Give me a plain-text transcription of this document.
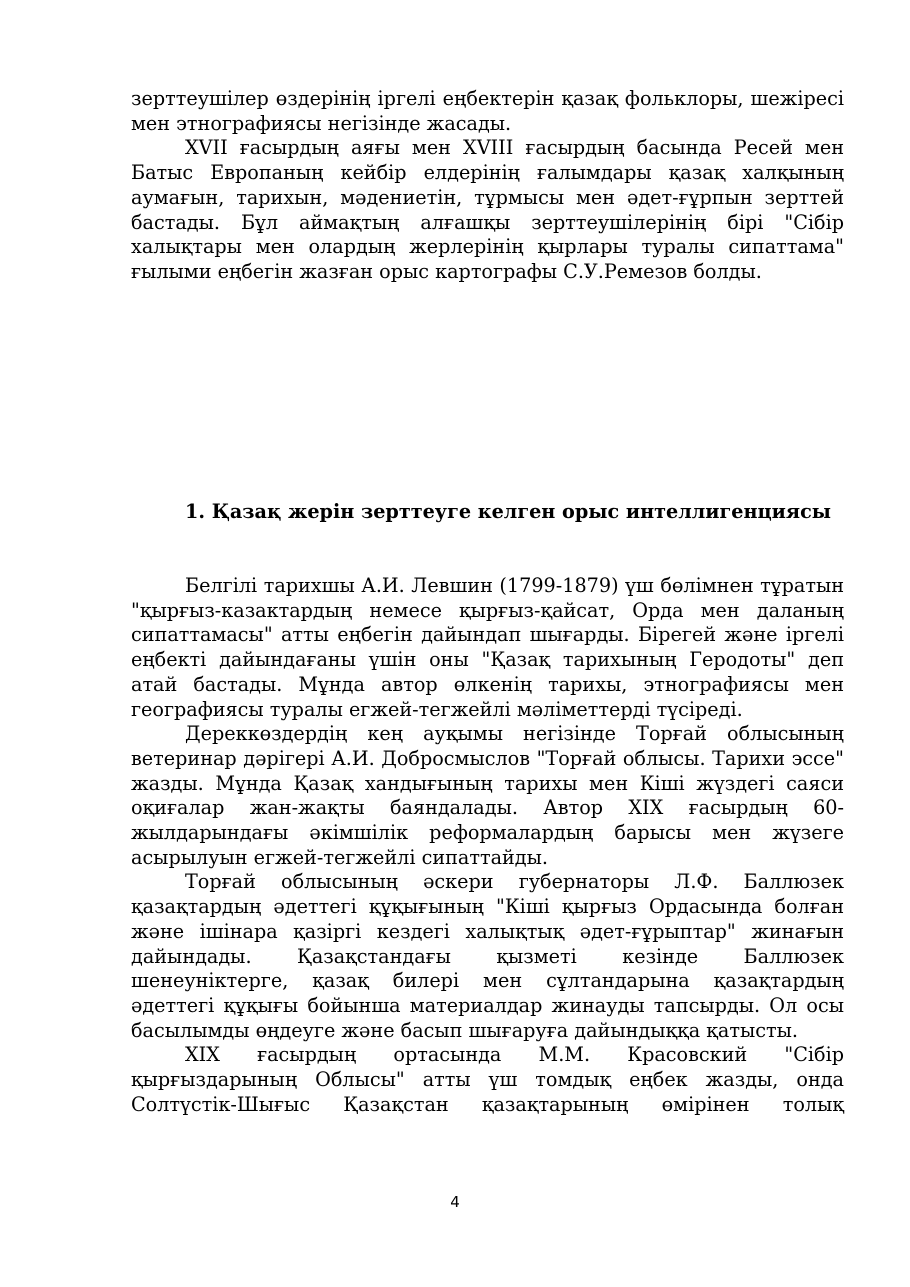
зерттеушілер өздерінің іргелі еңбектерін қазақ фольклоры, шежіресі мен этнографиясы негізінде жасады.

XVII ғасырдың аяғы мен XVIII ғасырдың басында Ресей мен Батыс Европаның кейбір елдерінің ғалымдары қазақ халқының аумағын, тарихын, мәдениетін, тұрмысы мен әдет-ғұрпын зерттей бастады. Бұл аймақтың алғашқы зерттеушілерінің бірі "Сібір халықтары мен олардың жерлерінің қырлары туралы сипаттама" ғылыми еңбегін жазған орыс картографы С.У.Ремезов болды.

1. Қазақ жерін зерттеуге келген орыс интеллигенциясы

Белгілі тарихшы А.И. Левшин (1799-1879) үш бөлімнен тұратын "қырғыз-казактардың немесе қырғыз-қайсат, Орда мен даланың сипаттамасы" атты еңбегін дайындап шығарды. Бірегей және іргелі еңбекті дайындағаны үшін оны "Қазақ тарихының Геродоты" деп атай бастады. Мұнда автор өлкенің тарихы, этнографиясы мен географиясы туралы егжей-тегжейлі мәліметтерді түсіреді.

Дереккөздердің кең ауқымы негізінде Торғай облысының ветеринар дәрігері А.И. Добросмыслов "Торғай облысы. Тарихи эссе" жазды. Мұнда Қазақ хандығының тарихы мен Кіші жүздегі саяси оқиғалар жан-жақты баяндалады. Автор XIX ғасырдың 60-жылдарындағы әкімшілік реформалардың барысы мен жүзеге асырылуын егжей-тегжейлі сипаттайды.

Торғай облысының әскери губернаторы Л.Ф. Баллюзек қазақтардың әдеттегі құқығының "Кіші қырғыз Ордасында болған және ішінара қазіргі кездегі халықтық әдет-ғұрыптар" жинағын дайындады. Қазақстандағы қызметі кезінде Баллюзек шенеуніктерге, қазақ билері мен сұлтандарына қазақтардың әдеттегі құқығы бойынша материалдар жинауды тапсырды. Ол осы басылымды өңдеуге және басып шығаруға дайындыққа қатысты.

XIX ғасырдың ортасында М.М. Красовский "Сібір қырғыздарының Облысы" атты үш томдық еңбек жазды, онда Солтүстік-Шығыс Қазақстан қазақтарының өмірінен толық

4
